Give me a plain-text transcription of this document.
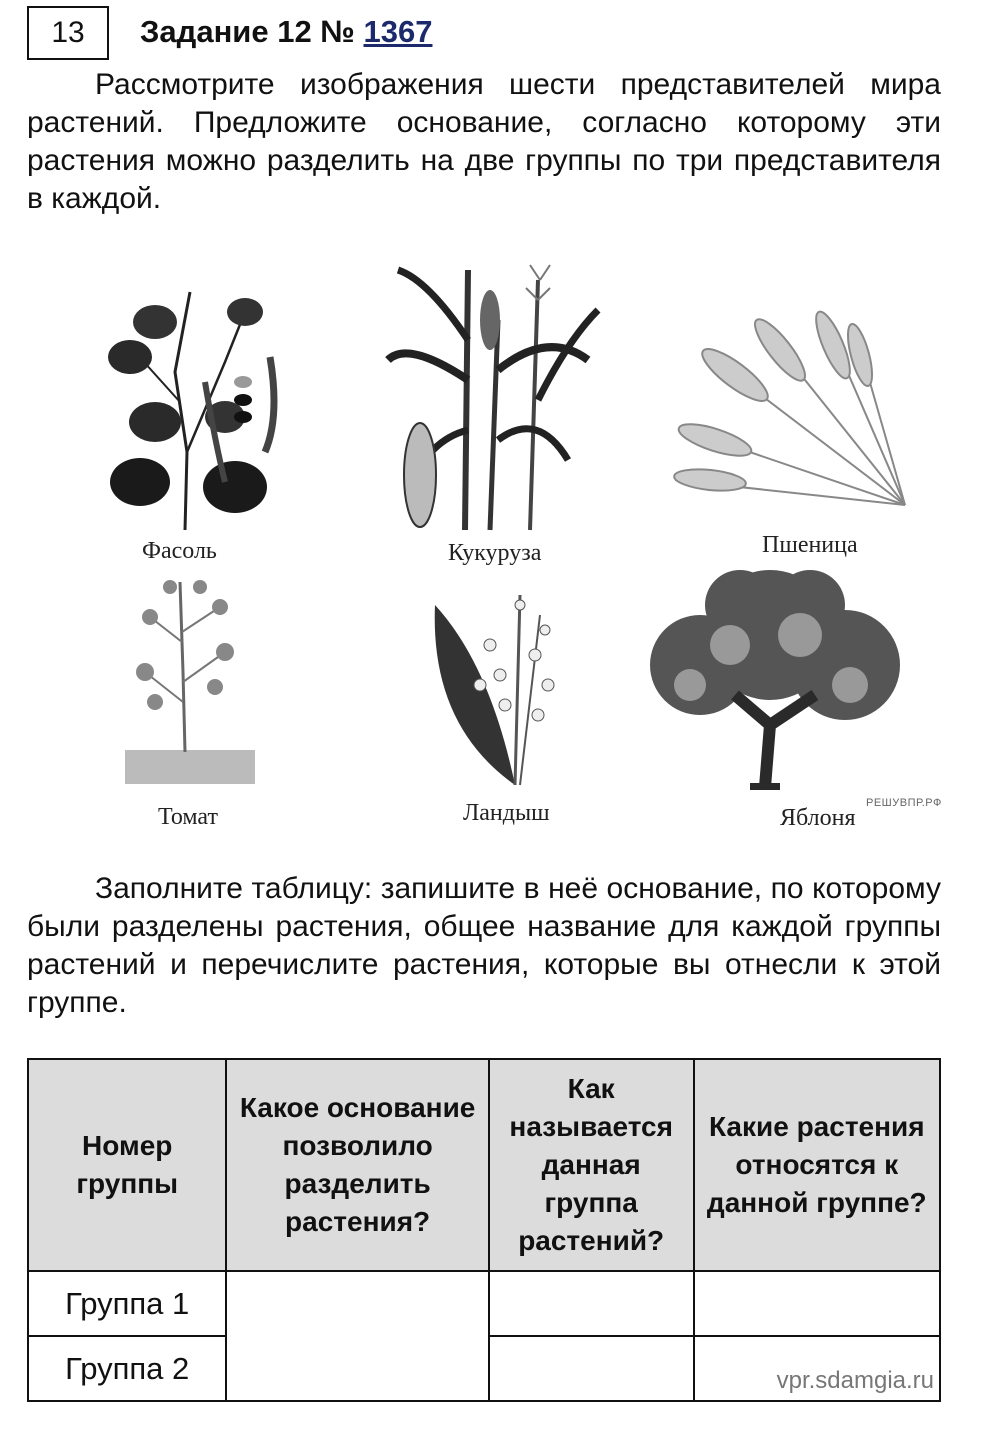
13	Задание 12 № 1367

Рассмотрите изображения шести представителей мира растений. Предложите основание, согласно которому эти растения можно разделить на две группы по три представителя в каждой.

Фасоль	Кукуруза	Пшеница
Томат	Ландыш	Яблоня
РЕШУВПР.РФ

Заполните таблицу: запишите в неё основание, по которому были разделены растения, общее название для каждой группы растений и перечислите растения, которые вы отнесли к этой группе.

Номер группы	Какое основание позволило разделить растения?	Как называется данная группа растений?	Какие растения относятся к данной группе?
Группа 1			
Группа 2				vpr.sdamgia.ru
